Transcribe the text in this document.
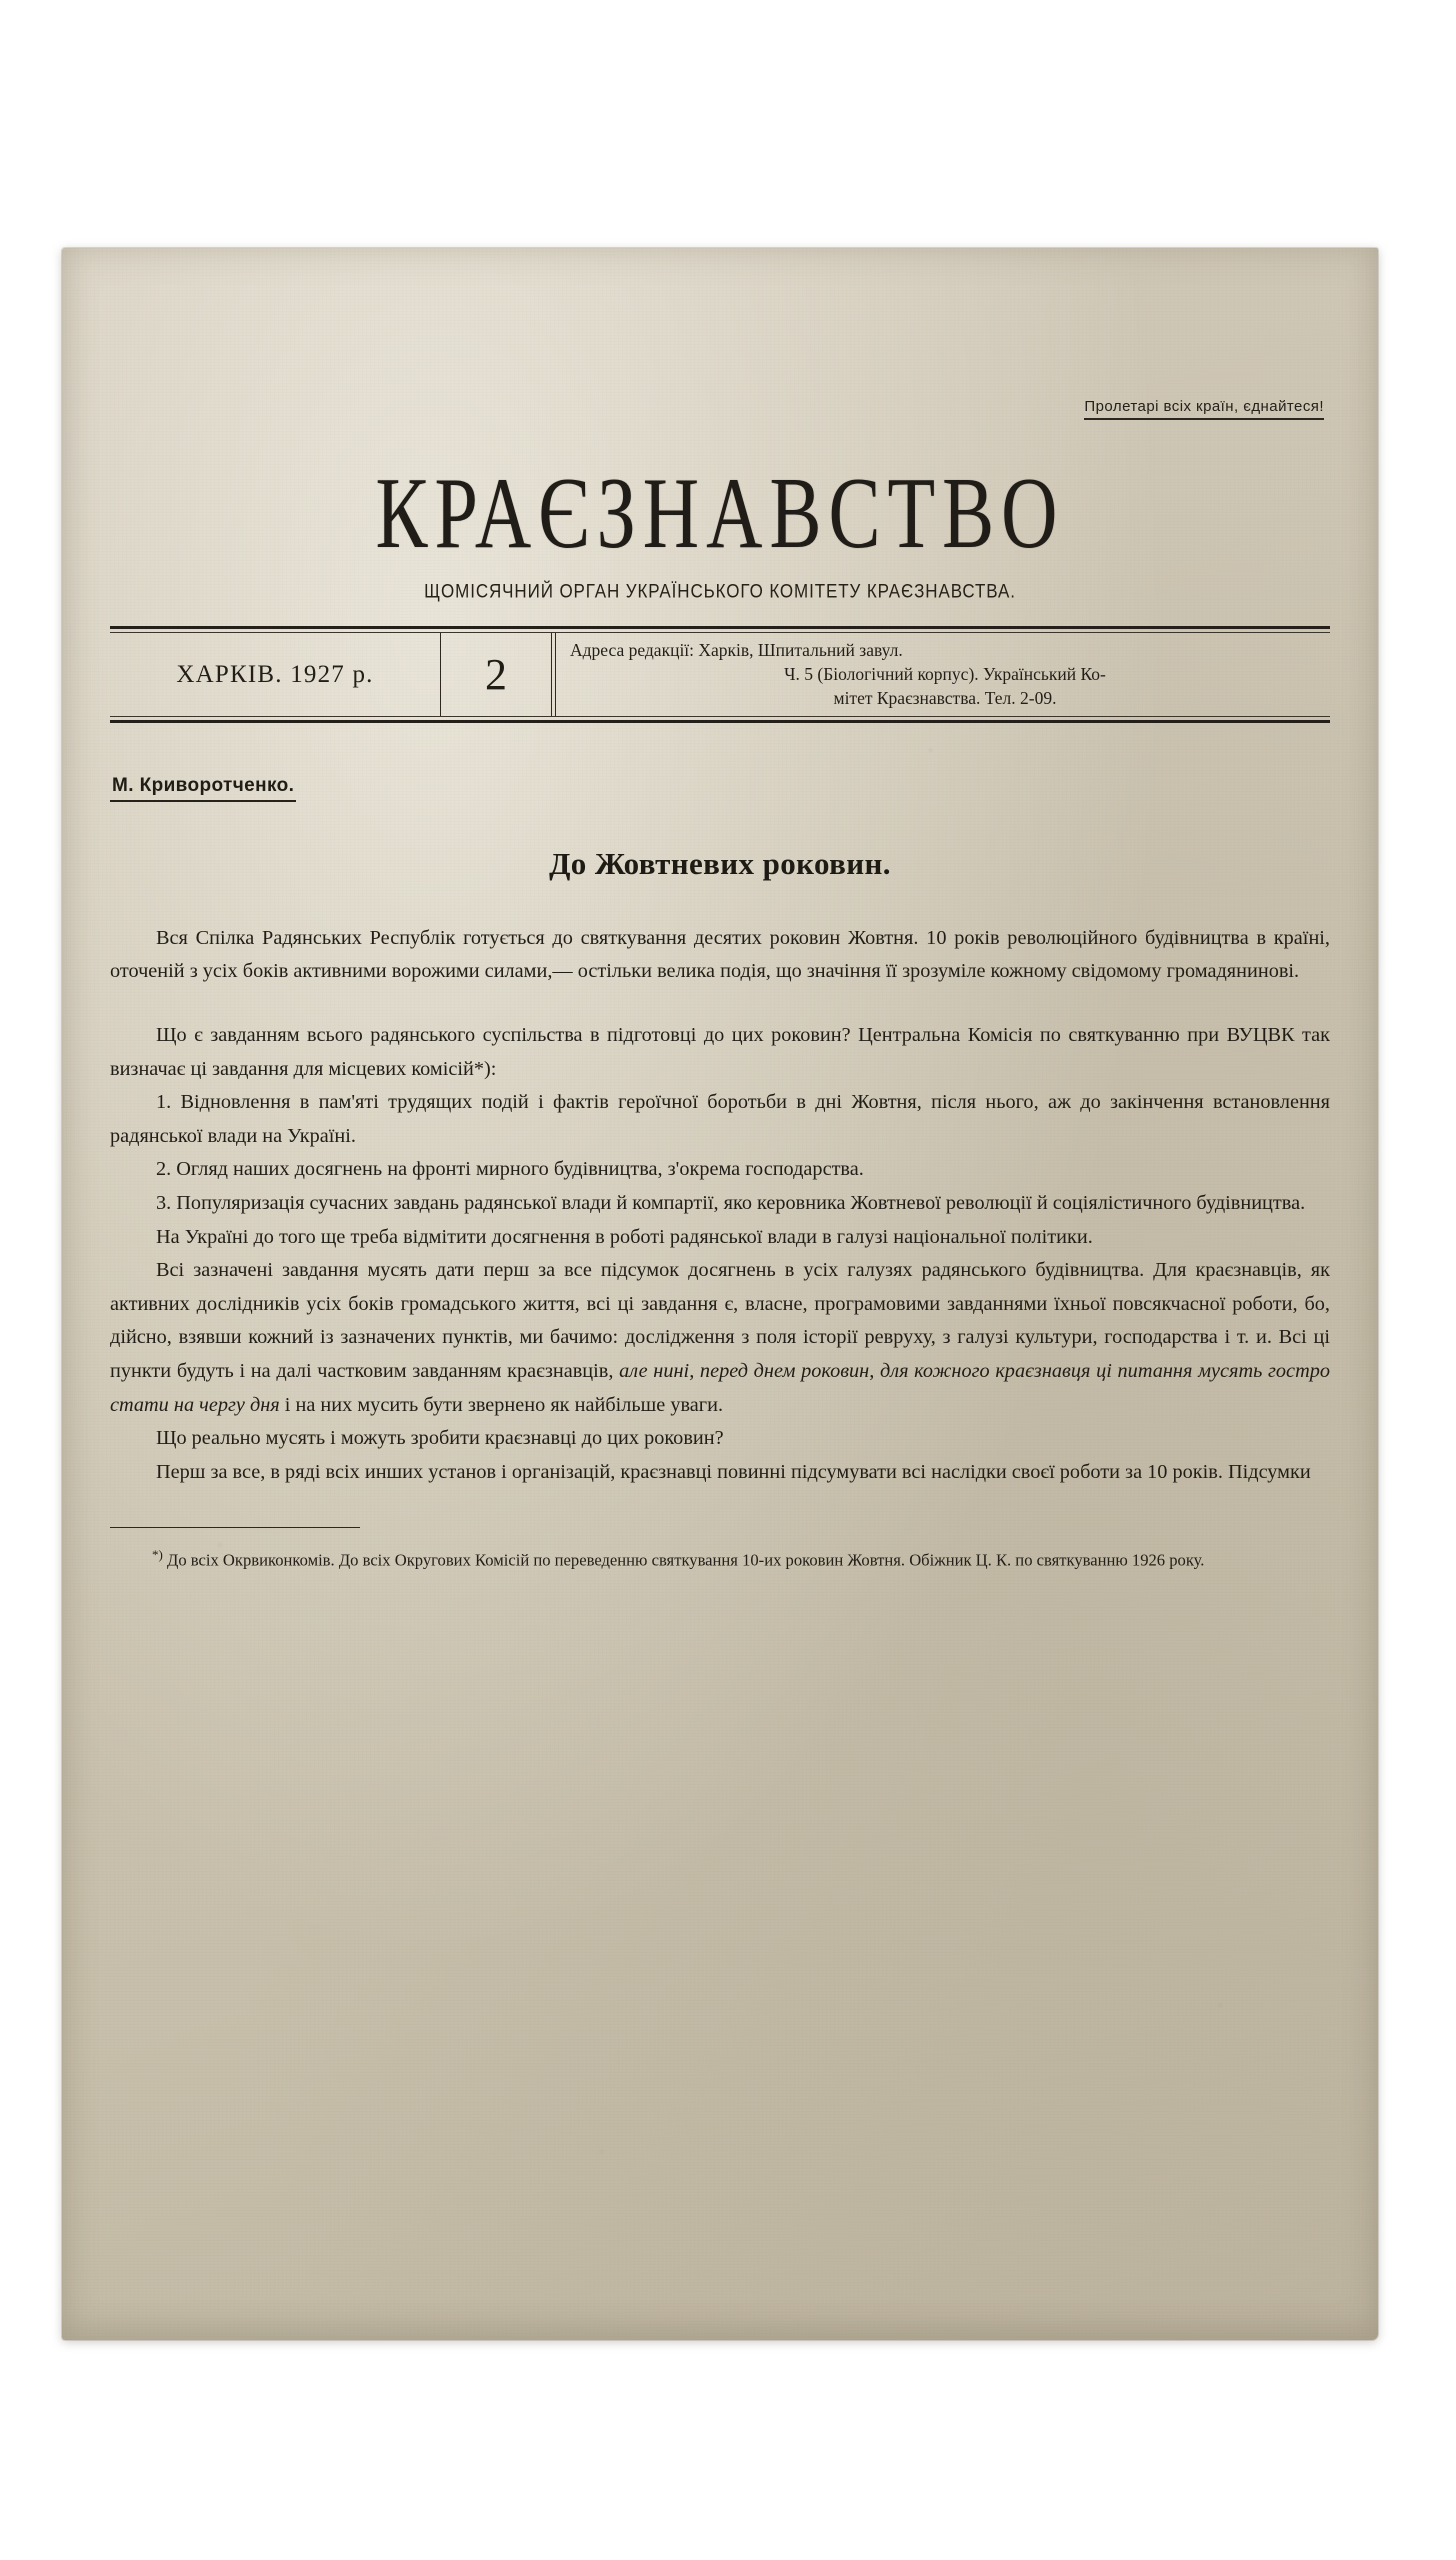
Пролетарі всіх країн, єднайтеся!
КРАЄЗНАВСТВО
ЩОМІСЯЧНИЙ ОРГАН УКРАЇНСЬКОГО КОМІТЕТУ КРАЄЗНАВСТВА.
ХАРКІВ. 1927 р.	2
Адреса редакції: Харків, Шпитальний завул.
Ч. 5 (Біологічний корпус). Український Ко-
мітет Краєзнавства. Тел. 2-09.
М. Криворотченко.
До Жовтневих роковин.

Вся Спілка Радянських Республік готується до святкування десятих роковин Жовтня. 10 років революційного будівництва в країні, оточеній з усіх боків активними ворожими силами,— остільки велика подія, що значіння її зрозуміле кожному свідомому громадянинові.

Що є завданням всього радянського суспільства в підготовці до цих роковин? Центральна Комісія по святкуванню при ВУЦВК так визначає ці завдання для місцевих комісій*):

1. Відновлення в пам'яті трудящих подій і фактів героїчної боротьби в дні Жовтня, після нього, аж до закінчення встановлення радянської влади на Україні.

2. Огляд наших досягнень на фронті мирного будівництва, з'окрема господарства.

3. Популяризація сучасних завдань радянської влади й компартії, яко керовника Жовтневої революції й соціялістичного будівництва.

На Україні до того ще треба відмітити досягнення в роботі радянської влади в галузі національної політики.

Всі зазначені завдання мусять дати перш за все підсумок досягнень в усіх галузях радянського будівництва. Для краєзнавців, як активних дослідників усіх боків громадського життя, всі ці завдання є, власне, програмовими завданнями їхньої повсякчасної роботи, бо, дійсно, взявши кожний із зазначених пунктів, ми бачимо: дослідження з поля історії ревруху, з галузі культури, господарства і т. и. Всі ці пункти будуть і на далі частковим завданням краєзнавців, але нині, перед днем роковин, для кожного краєзнавця ці питання мусять гостро стати на чергу дня і на них мусить бути звернено як найбільше уваги.

Що реально мусять і можуть зробити краєзнавці до цих роковин?

Перш за все, в ряді всіх инших установ і організацій, краєзнавці повинні підсумувати всі наслідки своєї роботи за 10 років. Підсумки

*) До всіх Окрвиконкомів. До всіх Округових Комісій по переведенню святкування 10-их роковин Жовтня. Обіжник Ц. К. по святкуванню 1926 року.
